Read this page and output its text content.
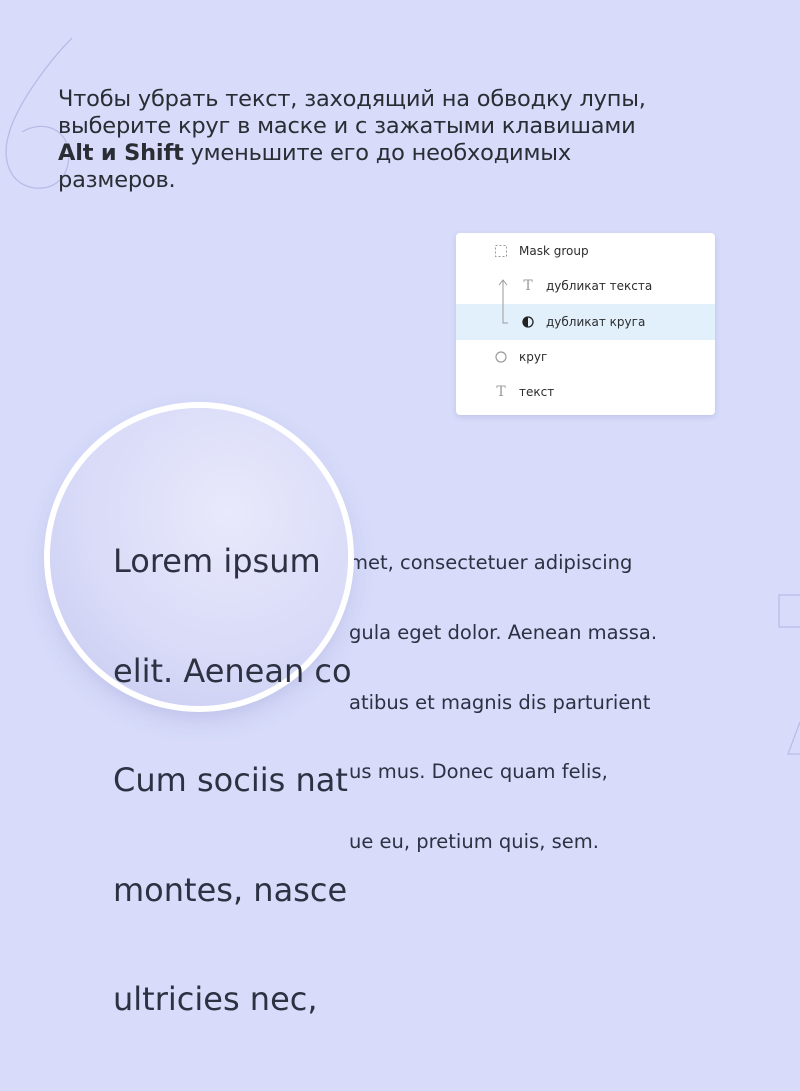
Чтобы убрать текст, заходящий на обводку лупы,
выберите круг в маске и с зажатыми клавишами
Alt и Shift уменьшите его до необходимых
размеров.

Mask group
T дубликат текста
дубликат круга
круг
T текст

met, consectetuer adipiscing

gula eget dolor. Aenean massa.

atibus et magnis dis parturient

us mus. Donec quam felis,

ue eu, pretium quis, sem.

Lorem ipsum

elit. Aenean co

Cum sociis nat

montes, nasce

ultricies nec,
